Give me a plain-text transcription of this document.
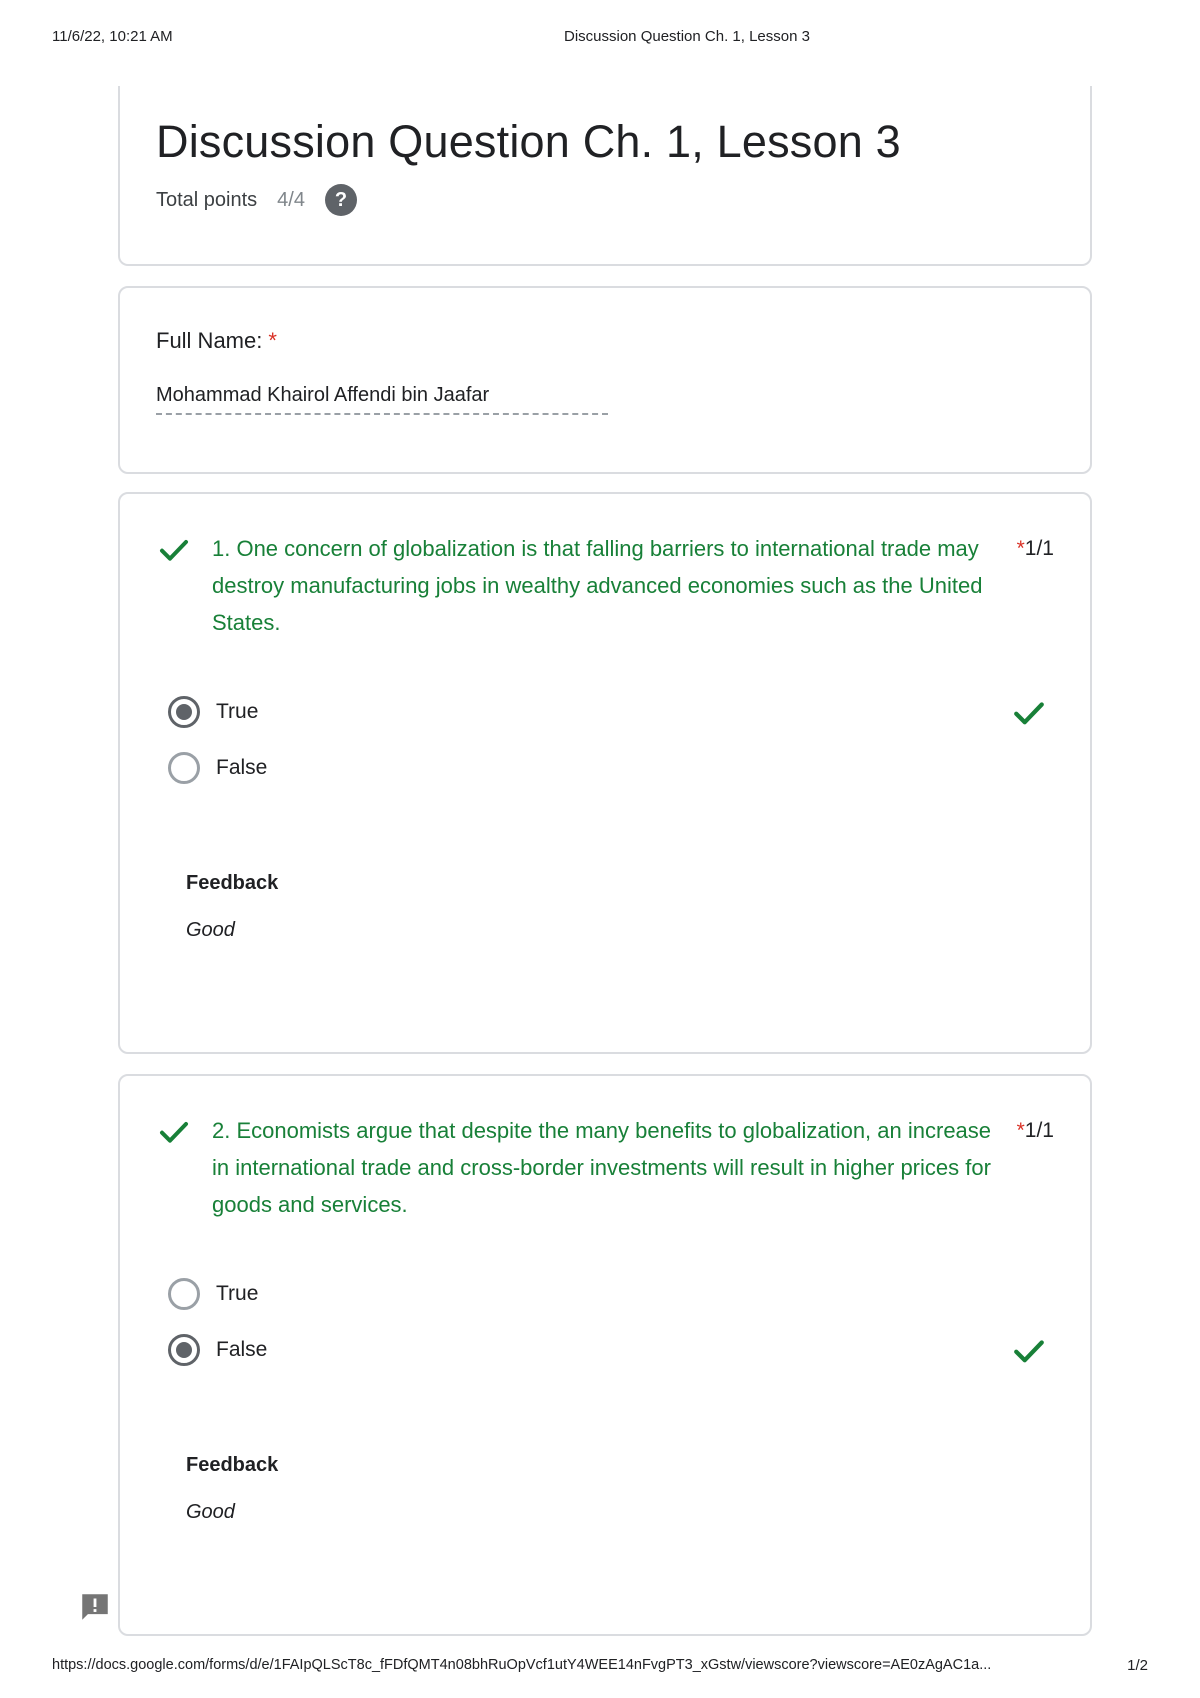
11/6/22, 10:21 AM	Discussion Question Ch. 1, Lesson 3
Discussion Question Ch. 1, Lesson 3
Total points 4/4	?
Full Name: *
Mohammad Khairol Affendi bin Jaafar
1. One concern of globalization is that falling barriers to international trade may destroy manufacturing jobs in wealthy advanced economies such as the United States.
*1/1
True
False
Feedback
Good
2. Economists argue that despite the many benefits to globalization, an increase in international trade and cross-border investments will result in higher prices for goods and services.
*1/1
True
False
Feedback
Good
https://docs.google.com/forms/d/e/1FAIpQLScT8c_fFDfQMT4n08bhRuOpVcf1utY4WEE14nFvgPT3_xGstw/viewscore?viewscore=AE0zAgAC1a...	1/2
